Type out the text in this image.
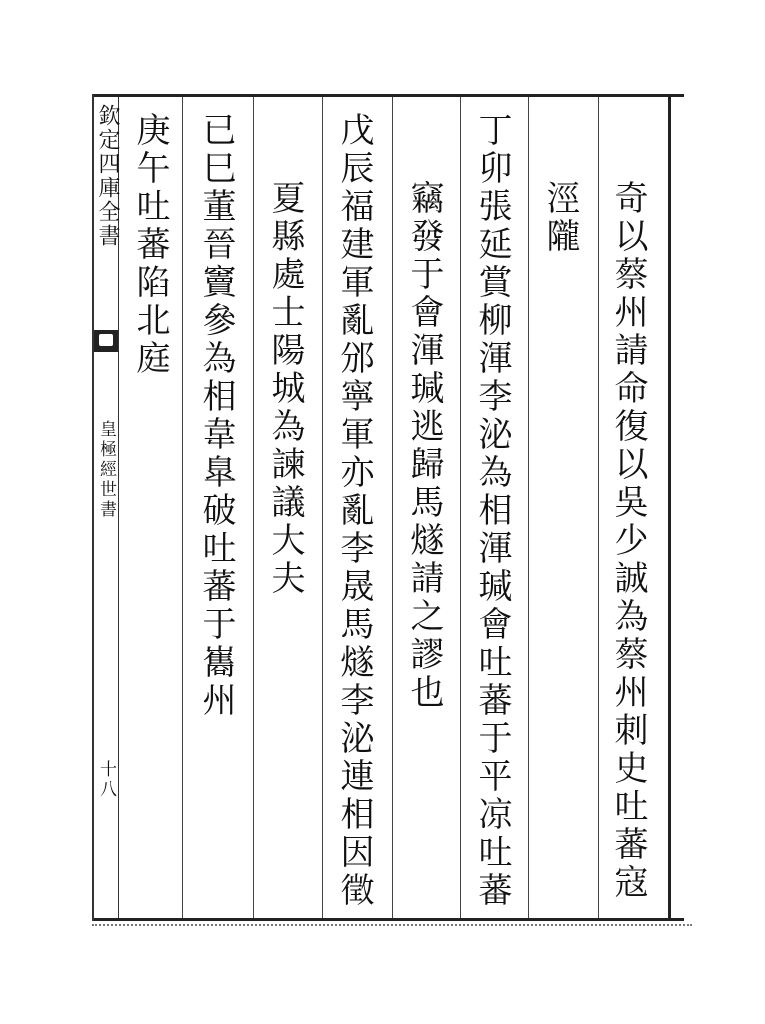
欽定四庫全書
皇極經世書
十八	奇以蔡州請命復以吳少誠為蔡州刺史吐蕃寇
涇隴
丁卯張延賞柳渾李泌為相渾瑊會吐蕃于平凉吐蕃
竊發于會渾瑊逃歸馬燧請之謬也
戊辰福建軍亂邠寧軍亦亂李晟馬燧李泌連相因徵
夏縣處士陽城為諫議大夫
已巳董晉竇參為相韋臯破吐蕃于巂州
庚午吐蕃陷北庭
